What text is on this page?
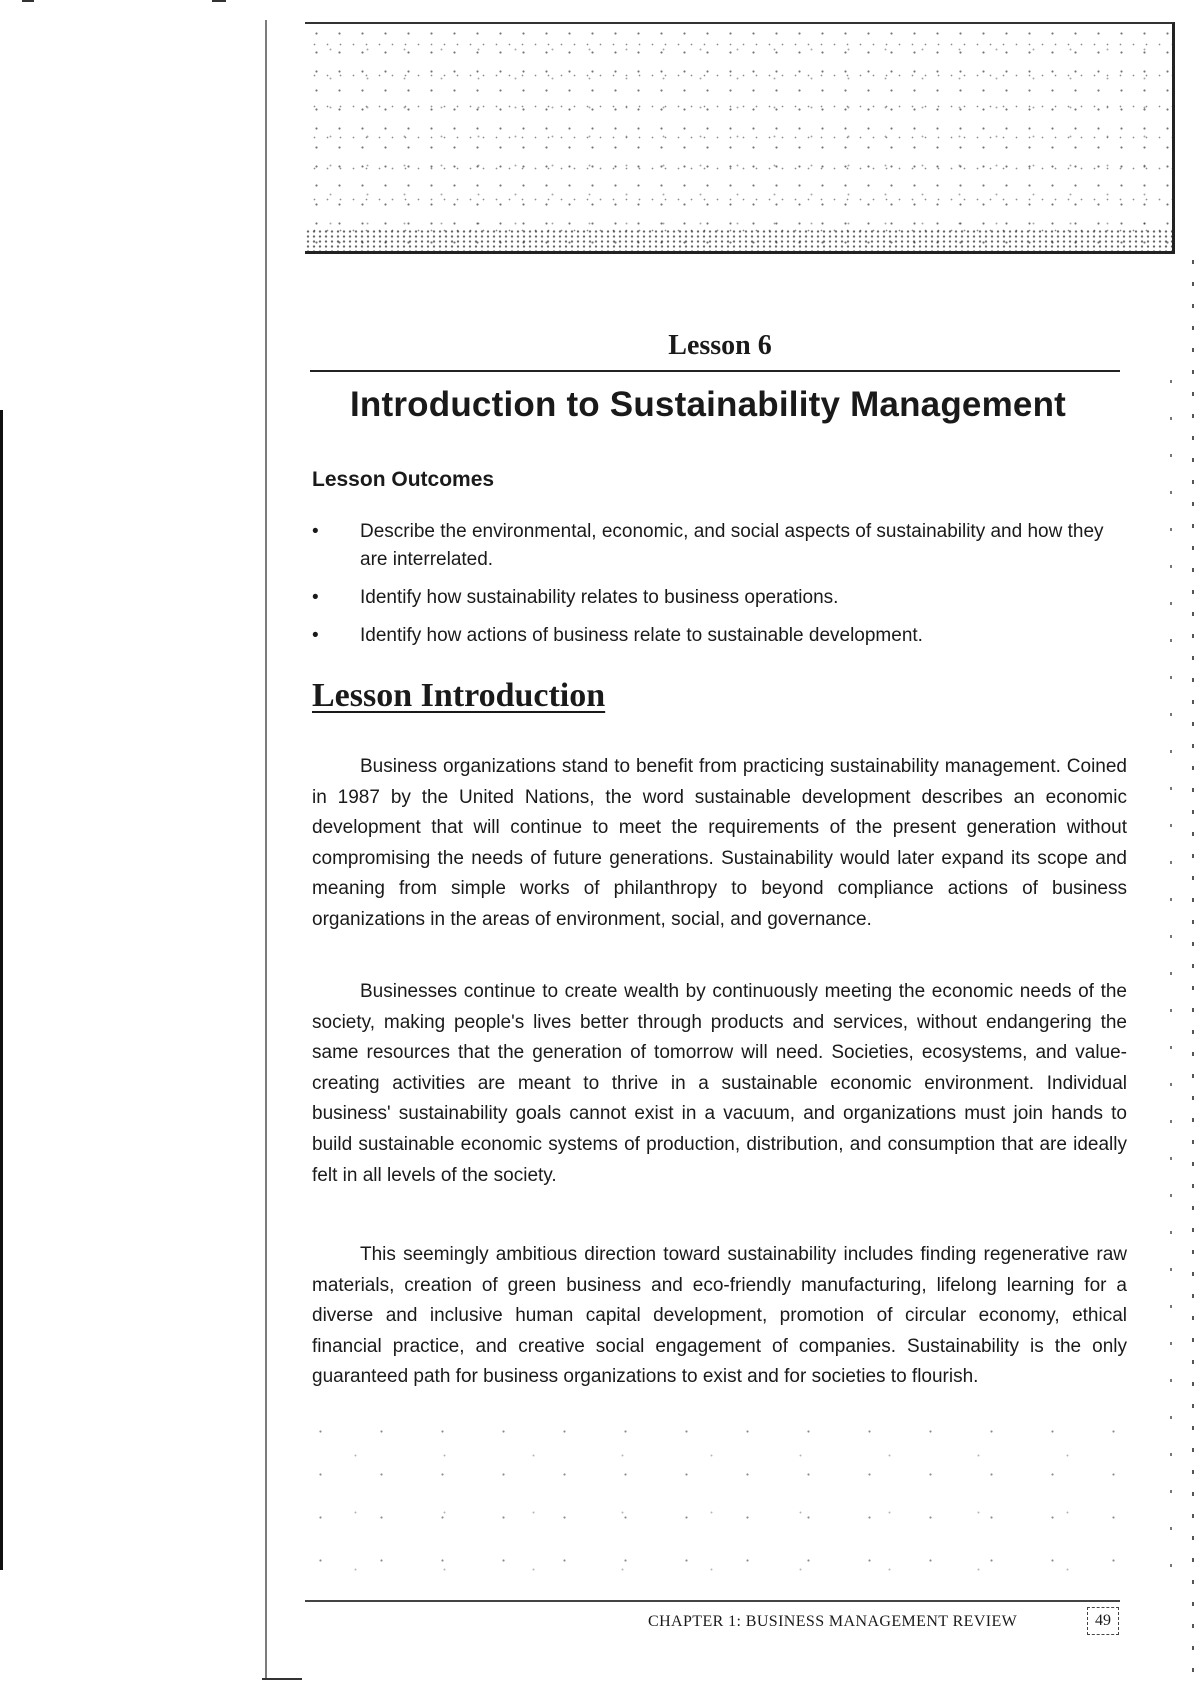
Lesson 6
Introduction to Sustainability Management
Lesson Outcomes
• Describe the environmental, economic, and social aspects of sustainability and how they are interrelated.
• Identify how sustainability relates to business operations.
• Identify how actions of business relate to sustainable development.
Lesson Introduction

Business organizations stand to benefit from practicing sustainability management. Coined in 1987 by the United Nations, the word sustainable development describes an economic development that will continue to meet the requirements of the present generation without compromising the needs of future generations. Sustainability would later expand its scope and meaning from simple works of philanthropy to beyond compliance actions of business organizations in the areas of environment, social, and governance.

Businesses continue to create wealth by continuously meeting the economic needs of the society, making people's lives better through products and services, without endangering the same resources that the generation of tomorrow will need. Societies, ecosystems, and value-creating activities are meant to thrive in a sustainable economic environment. Individual business' sustainability goals cannot exist in a vacuum, and organizations must join hands to build sustainable economic systems of production, distribution, and consumption that are ideally felt in all levels of the society.

This seemingly ambitious direction toward sustainability includes finding regenerative raw materials, creation of green business and eco-friendly manufacturing, lifelong learning for a diverse and inclusive human capital development, promotion of circular economy, ethical financial practice, and creative social engagement of companies. Sustainability is the only guaranteed path for business organizations to exist and for societies to flourish.

CHAPTER 1: BUSINESS MANAGEMENT REVIEW	49
